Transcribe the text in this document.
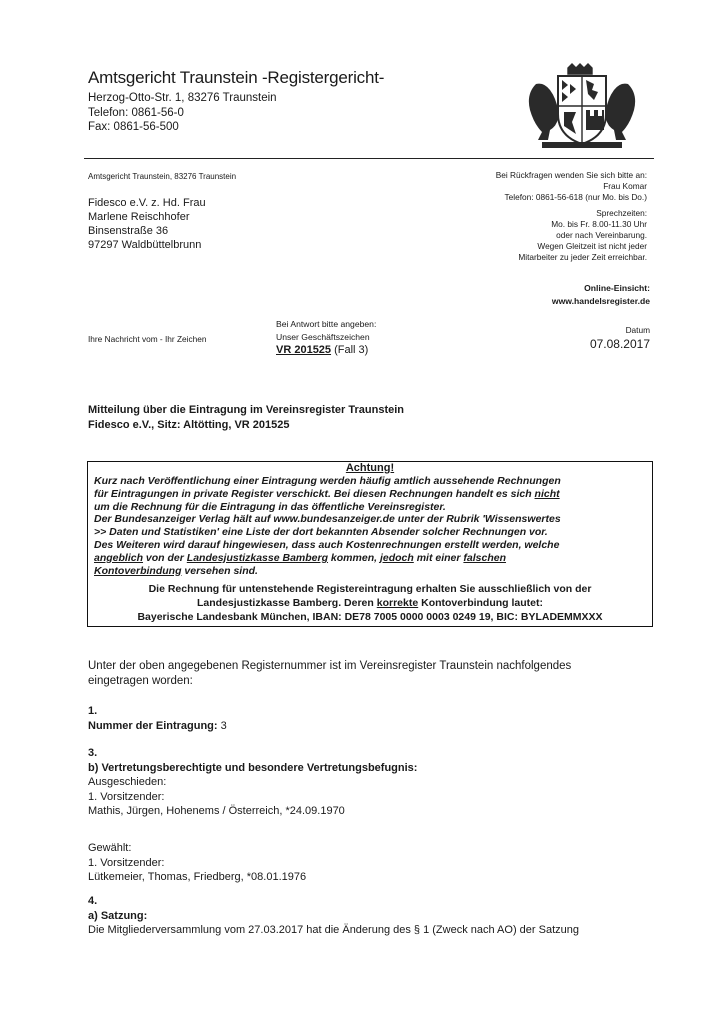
Amtsgericht Traunstein -Registergericht-
Herzog-Otto-Str. 1, 83276 Traunstein
Telefon: 0861-56-0
Fax: 0861-56-500
Amtsgericht Traunstein, 83276 Traunstein
Fidesco e.V. z. Hd. Frau
Marlene Reischhofer
Binsenstraße 36
97297 Waldbüttelbrunn
Bei Rückfragen wenden Sie sich bitte an:
Frau Komar
Telefon: 0861-56-618 (nur Mo. bis Do.)
Sprechzeiten:
Mo. bis Fr. 8.00-11.30 Uhr
oder nach Vereinbarung.
Wegen Gleitzeit ist nicht jeder
Mitarbeiter zu jeder Zeit erreichbar.
Online-Einsicht:
www.handelsregister.de
Ihre Nachricht vom - Ihr Zeichen
Bei Antwort bitte angeben:
Unser Geschäftszeichen
VR 201525 (Fall 3)
Datum
07.08.2017
Mitteilung über die Eintragung im Vereinsregister Traunstein
Fidesco e.V., Sitz: Altötting, VR 201525
Achtung!
Kurz nach Veröffentlichung einer Eintragung werden häufig amtlich aussehende Rechnungen
für Eintragungen in private Register verschickt. Bei diesen Rechnungen handelt es sich nicht
um die Rechnung für die Eintragung in das öffentliche Vereinsregister.
Der Bundesanzeiger Verlag hält auf www.bundesanzeiger.de unter der Rubrik 'Wissenswertes
>> Daten und Statistiken' eine Liste der dort bekannten Absender solcher Rechnungen vor.
Des Weiteren wird darauf hingewiesen, dass auch Kostenrechnungen erstellt werden, welche
angeblich von der Landesjustizkasse Bamberg kommen, jedoch mit einer falschen
Kontoverbindung versehen sind.
Die Rechnung für untenstehende Registereintragung erhalten Sie ausschließlich von der
Landesjustizkasse Bamberg. Deren korrekte Kontoverbindung lautet:
Bayerische Landesbank München, IBAN: DE78 7005 0000 0003 0249 19, BIC: BYLADEMMXXX
Unter der oben angegebenen Registernummer ist im Vereinsregister Traunstein nachfolgendes
eingetragen worden:
1.
Nummer der Eintragung: 3
3.
b) Vertretungsberechtigte und besondere Vertretungsbefugnis:
Ausgeschieden:
1. Vorsitzender:
Mathis, Jürgen, Hohenems / Österreich, *24.09.1970
Gewählt:
1. Vorsitzender:
Lütkemeier, Thomas, Friedberg, *08.01.1976
4.
a) Satzung:
Die Mitgliederversammlung vom 27.03.2017 hat die Änderung des § 1 (Zweck nach AO) der Satzung
